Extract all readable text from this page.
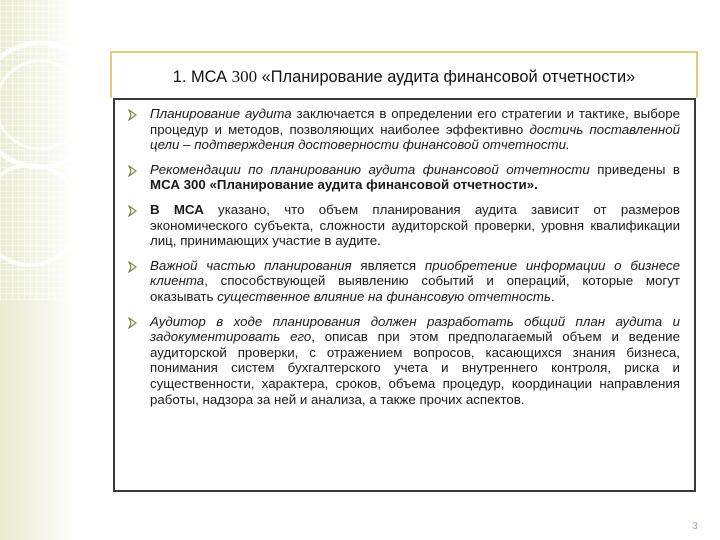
1. МСА 300 «Планирование аудита финансовой отчетности»
Планирование аудита заключается в определении его стратегии и тактике, выборе процедур и методов, позволяющих наиболее эффективно достичь поставленной цели – подтверждения достоверности финансовой отчетности.
Рекомендации по планированию аудита финансовой отчетности приведены в МСА 300 «Планирование аудита финансовой отчетности».
В МСА указано, что объем планирования аудита зависит от размеров экономического субъекта, сложности аудиторской проверки, уровня квалификации лиц, принимающих участие в аудите.
Важной частью планирования является приобретение информации о бизнесе клиента, способствующей выявлению событий и операций, которые могут оказывать существенное влияние на финансовую отчетность.
Аудитор в ходе планирования должен разработать общий план аудита и задокументировать его, описав при этом предполагаемый объем и ведение аудиторской проверки, с отражением вопросов, касающихся знания бизнеса, понимания систем бухгалтерского учета и внутреннего контроля, риска и существенности, характера, сроков, объема процедур, координации направления работы, надзора за ней и анализа, а также прочих аспектов.
3
